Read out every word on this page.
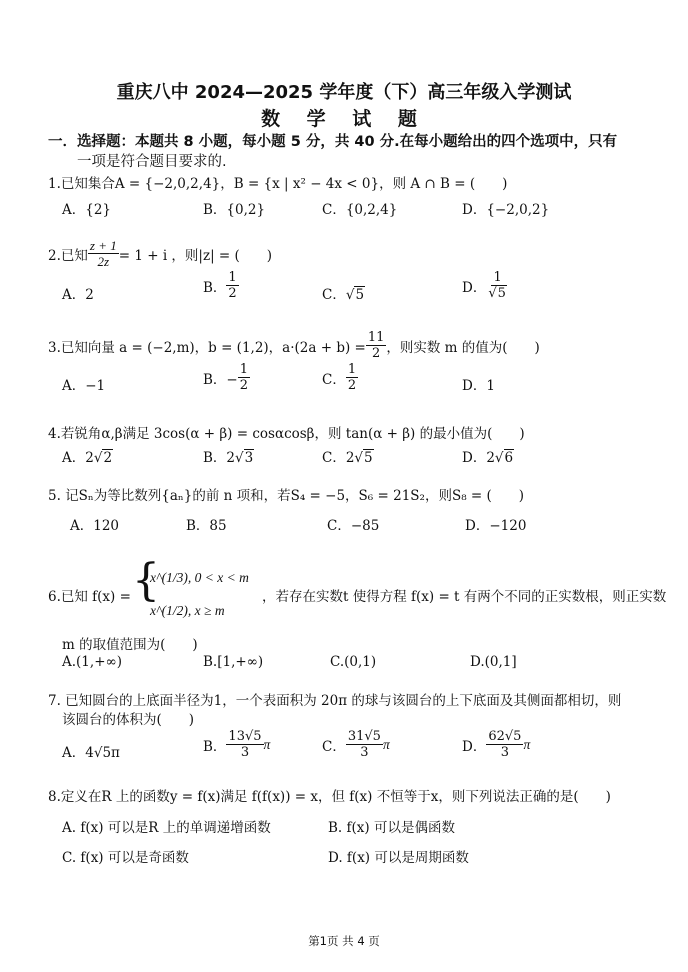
重庆八中 2024—2025 学年度（下）高三年级入学测试
数 学 试 题
一．选择题：本题共 8 小题，每小题 5 分，共 40 分.在每小题给出的四个选项中，只有
一项是符合题目要求的.
1.已知集合A = {−2,0,2,4}，B = {x | x² − 4x < 0}，则 A ∩ B = (　　)
A．{2}	B．{0,2}	C．{0,2,4}	D．{−2,0,2}
2.已知 $\frac{z + 1}{2z} = 1 + i$ ，则|z| = (　　)
A．2	B． $\frac{1}{2}$	C．√5	D． $\frac{1}{√5}$
3.已知向量 a = (−2,m)，b = (1,2)，$a\cdot(2a + b) = \frac{11}{2}$ ，则实数 m 的值为(　　)
A．−1	B．− $\frac{1}{2}$	C． $\frac{1}{2}$	D．1
4.若锐角α,β满足 3cos(α + β) = cosαcosβ，则 tan(α + β) 的最小值为(　　)
A．2√2	B．2√3	C．2√5	D．2√6
5. 记Sₙ为等比数列{aₙ}的前 n 项和，若S₄ = −5，S₆ = 21S₂，则S₈ = (　　)
A．120	B．85	C．−85	D．−120
6.已知 f(x) = {
x^(1/3), 0 < x < m
x^(1/2), x ≥ m
，若存在实数t 使得方程 f(x) = t 有两个不同的正实数根，则正实数
m 的取值范围为(　　)
A.(1,+∞)	B.[1,+∞)	C.(0,1)	D.(0,1]
7. 已知圆台的上底面半径为1，一个表面积为 20π 的球与该圆台的上下底面及其侧面都相切，则
该圆台的体积为(　　)
A．4√5π	B． $\frac{13√5}{3}$ π	C． $\frac{31√5}{3}$ π	D． $\frac{62√5}{3}$ π
8.定义在R 上的函数y = f(x)满足 f(f(x)) = x，但 f(x) 不恒等于x，则下列说法正确的是(　　)
A. f(x) 可以是R 上的单调递增函数	B. f(x) 可以是偶函数
C. f(x) 可以是奇函数	D. f(x) 可以是周期函数
第1页 共 4 页
